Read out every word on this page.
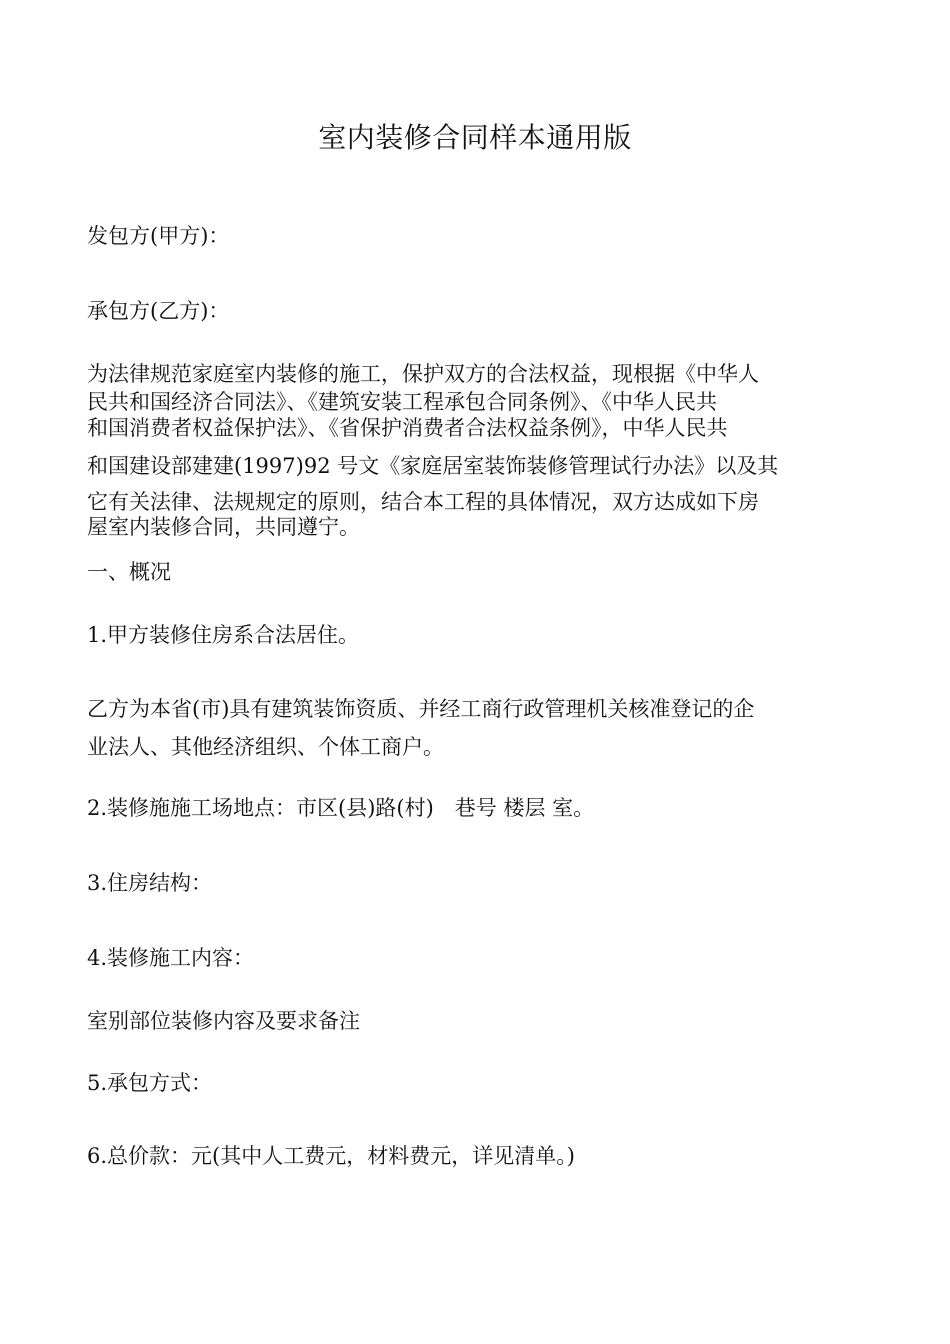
室内装修合同样本通用版
发包方(甲方)：
承包方(乙方)：
为法律规范家庭室内装修的施工，保护双方的合法权益，现根据《中华人
民共和国经济合同法》、《建筑安装工程承包合同条例》、《中华人民共
和国消费者权益保护法》、《省保护消费者合法权益条例》，中华人民共
和国建设部建建(1997)92 号文《家庭居室装饰装修管理试行办法》以及其
它有关法律、法规规定的原则，结合本工程的具体情况，双方达成如下房
屋室内装修合同，共同遵宁。
一、概况
1.甲方装修住房系合法居住。
乙方为本省(市)具有建筑装饰资质、并经工商行政管理机关核准登记的企
业法人、其他经济组织、个体工商户。
2.装修施施工场地点：市区(县)路(村)　巷号 楼层 室。
3.住房结构：
4.装修施工内容：
室别部位装修内容及要求备注
5.承包方式：
6.总价款：元(其中人工费元，材料费元，详见清单。)
